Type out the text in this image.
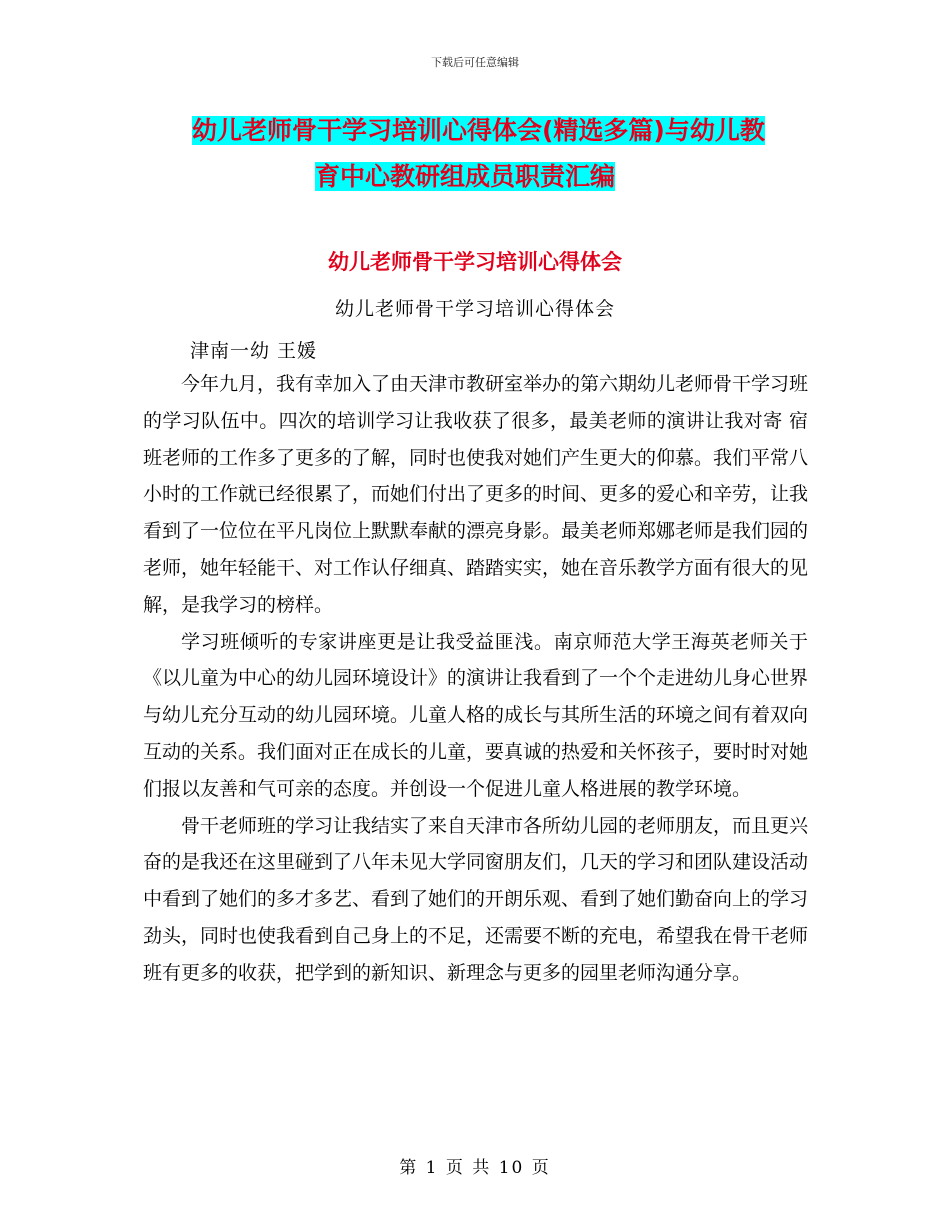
下载后可任意编辑
幼儿老师骨干学习培训心得体会(精选多篇)与幼儿教
育中心教研组成员职责汇编
幼儿老师骨干学习培训心得体会
幼儿老师骨干学习培训心得体会
津南一幼 王媛

今年九月，我有幸加入了由天津市教研室举办的第六期幼儿老师骨干学习班的学习队伍中。四次的培训学习让我收获了很多，最美老师的演讲让我对寄 宿班老师的工作多了更多的了解，同时也使我对她们产生更大的仰慕。我们平常八小时的工作就已经很累了，而她们付出了更多的时间、更多的爱心和辛劳，让我看到了一位位在平凡岗位上默默奉献的漂亮身影。最美老师郑娜老师是我们园的老师，她年轻能干、对工作认仔细真、踏踏实实，她在音乐教学方面有很大的见解，是我学习的榜样。

学习班倾听的专家讲座更是让我受益匪浅。南京师范大学王海英老师关于《以儿童为中心的幼儿园环境设计》的演讲让我看到了一个个走进幼儿身心世界与幼儿充分互动的幼儿园环境。儿童人格的成长与其所生活的环境之间有着双向互动的关系。我们面对正在成长的儿童，要真诚的热爱和关怀孩子，要时时对她们报以友善和气可亲的态度。并创设一个促进儿童人格进展的教学环境。

骨干老师班的学习让我结实了来自天津市各所幼儿园的老师朋友，而且更兴奋的是我还在这里碰到了八年未见大学同窗朋友们，几天的学习和团队建设活动中看到了她们的多才多艺、看到了她们的开朗乐观、看到了她们勤奋向上的学习劲头，同时也使我看到自己身上的不足，还需要不断的充电，希望我在骨干老师班有更多的收获，把学到的新知识、新理念与更多的园里老师沟通分享。

第 1 页 共 10 页
